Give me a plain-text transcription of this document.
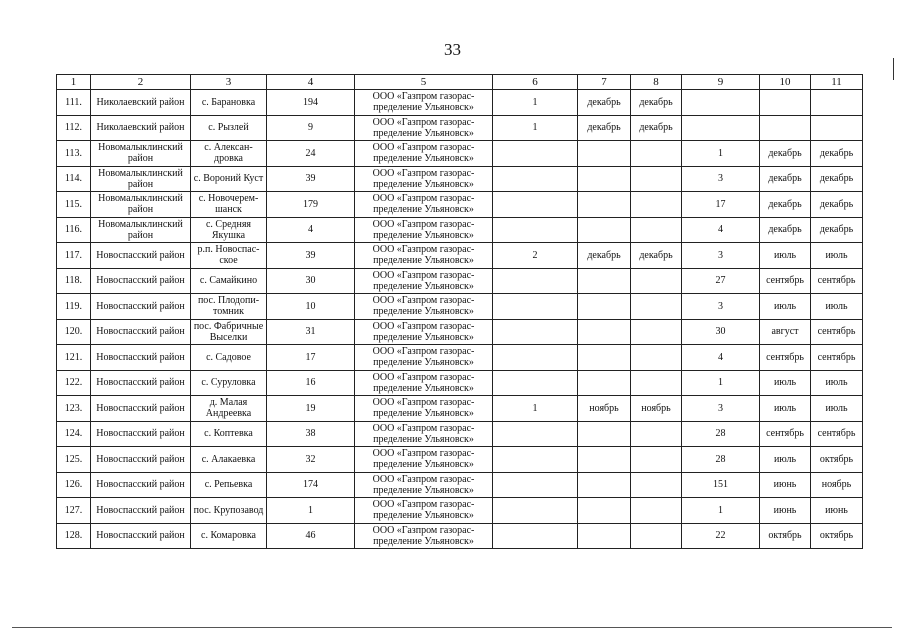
33
1	2	3	4	5	6	7	8	9	10	11
111.	Николаевский район	с. Барановка	194	ООО «Газпром газорас-пределение Ульяновск»	1	декабрь	декабрь			
112.	Николаевский район	с. Рызлей	9	ООО «Газпром газорас-пределение Ульяновск»	1	декабрь	декабрь			
113.	Новомалыклинский район	с. Алексан-дровка	24	ООО «Газпром газорас-пределение Ульяновск»				1	декабрь	декабрь
114.	Новомалыклинский район	с. Вороний Куст	39	ООО «Газпром газорас-пределение Ульяновск»				3	декабрь	декабрь
115.	Новомалыклинский район	с. Новочерем-шанск	179	ООО «Газпром газорас-пределение Ульяновск»				17	декабрь	декабрь
116.	Новомалыклинский район	с. Средняя Якушка	4	ООО «Газпром газорас-пределение Ульяновск»				4	декабрь	декабрь
117.	Новоспасский район	р.п. Новоспас-ское	39	ООО «Газпром газорас-пределение Ульяновск»	2	декабрь	декабрь	3	июль	июль
118.	Новоспасский район	с. Самайкино	30	ООО «Газпром газорас-пределение Ульяновск»				27	сентябрь	сентябрь
119.	Новоспасский район	пос. Плодопи-томник	10	ООО «Газпром газорас-пределение Ульяновск»				3	июль	июль
120.	Новоспасский район	пос. Фабричные Выселки	31	ООО «Газпром газорас-пределение Ульяновск»				30	август	сентябрь
121.	Новоспасский район	с. Садовое	17	ООО «Газпром газорас-пределение Ульяновск»				4	сентябрь	сентябрь
122.	Новоспасский район	с. Суруловка	16	ООО «Газпром газорас-пределение Ульяновск»				1	июль	июль
123.	Новоспасский район	д. Малая Андреевка	19	ООО «Газпром газорас-пределение Ульяновск»	1	ноябрь	ноябрь	3	июль	июль
124.	Новоспасский район	с. Коптевка	38	ООО «Газпром газорас-пределение Ульяновск»				28	сентябрь	сентябрь
125.	Новоспасский район	с. Алакаевка	32	ООО «Газпром газорас-пределение Ульяновск»				28	июль	октябрь
126.	Новоспасский район	с. Репьевка	174	ООО «Газпром газорас-пределение Ульяновск»				151	июнь	ноябрь
127.	Новоспасский район	пос. Крупозавод	1	ООО «Газпром газорас-пределение Ульяновск»				1	июнь	июнь
128.	Новоспасский район	с. Комаровка	46	ООО «Газпром газорас-пределение Ульяновск»				22	октябрь	октябрь
